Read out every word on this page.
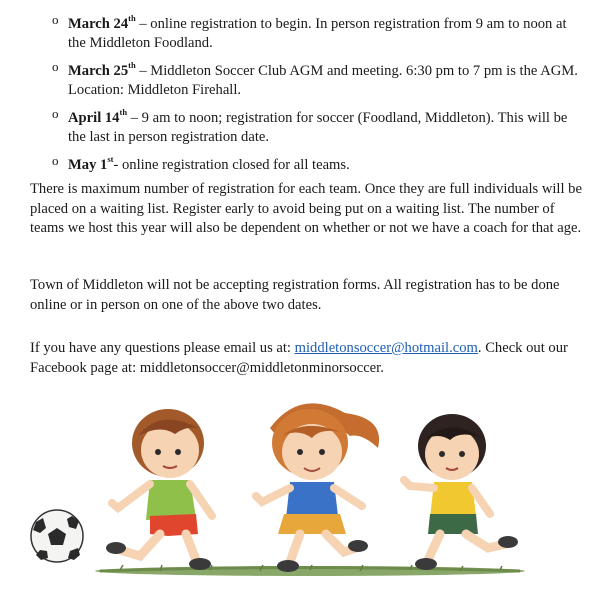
o March 24th – online registration to begin. In person registration from 9 am to noon at the Middleton Foodland.
o March 25th – Middleton Soccer Club AGM and meeting. 6:30 pm to 7 pm is the AGM. Location: Middleton Firehall.
o April 14th – 9 am to noon; registration for soccer (Foodland, Middleton). This will be the last in person registration date.
o May 1st- online registration closed for all teams.

There is maximum number of registration for each team. Once they are full individuals will be placed on a waiting list. Register early to avoid being put on a waiting list. The number of teams we host this year will also be dependent on whether or not we have a coach for that age.

Town of Middleton will not be accepting registration forms. All registration has to be done online or in person on one of the above two dates.

If you have any questions please email us at: middletonsoccer@hotmail.com. Check out our Facebook page at: middletonsoccer@middletonminorsoccer.
